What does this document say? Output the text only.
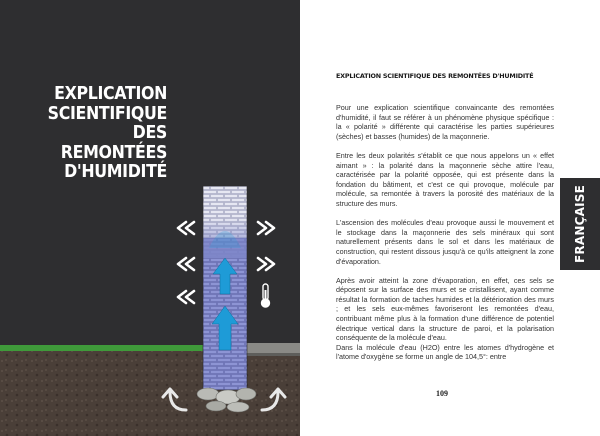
EXPLICATION
SCIENTIFIQUE
DES REMONTÉES
D'HUMIDITÉ
EXPLICATION SCIENTIFIQUE DES REMONTÉES D'HUMIDITÉ

Pour une explication scientifique convaincante des remontées d'humidité, il faut se référer à un phénomène physique spécifique : la « polarité » différente qui caractérise les parties supérieures (sèches) et basses (humides) de la maçonnerie.

Entre les deux polarités s'établit ce que nous appelons un « effet aimant » : la polarité dans la maçonnerie sèche attire l'eau, caractérisée par la polarité opposée, qui est présente dans la fondation du bâtiment, et c'est ce qui provoque, molécule par molécule, sa remontée à travers la porosité des matériaux de la structure des murs.

L'ascension des molécules d'eau provoque aussi le mouvement et le stockage dans la maçonnerie des sels minéraux qui sont naturellement présents dans le sol et dans les matériaux de construction, qui restent dissous jusqu'à ce qu'ils atteignent la zone d'évaporation.

Après avoir atteint la zone d'évaporation, en effet, ces sels se déposent sur la surface des murs et se cristallisent, ayant comme résultat la formation de taches humides et la détérioration des murs ; et les sels eux-mêmes favoriseront les remontées d'eau, contribuant même plus à la formation d'une différence de potentiel électrique vertical dans la structure de paroi, et la polarisation conséquente de la molécule d'eau.

Dans la molécule d'eau (H2O) entre les atomes d'hydrogène et l'atome d'oxygène se forme un angle de 104,5°: entre

109
FRANÇAISE
